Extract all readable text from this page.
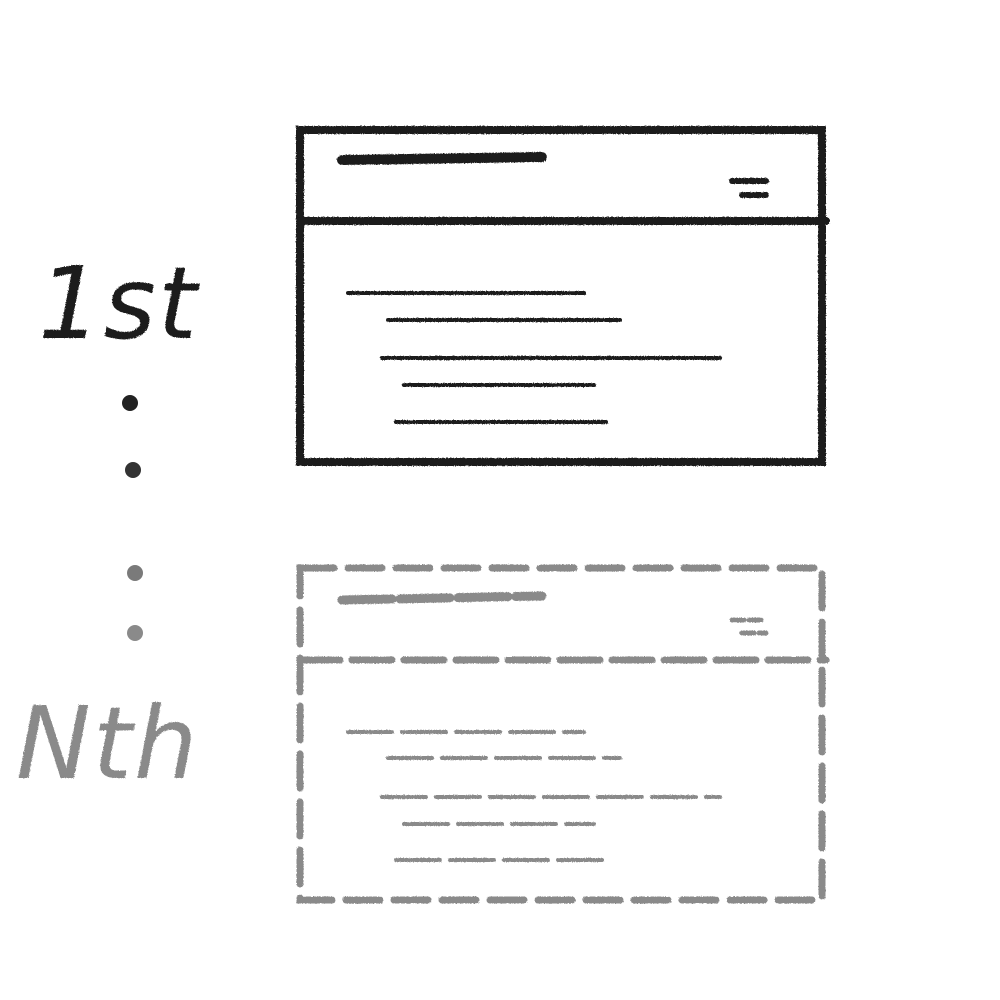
1st
Nth
